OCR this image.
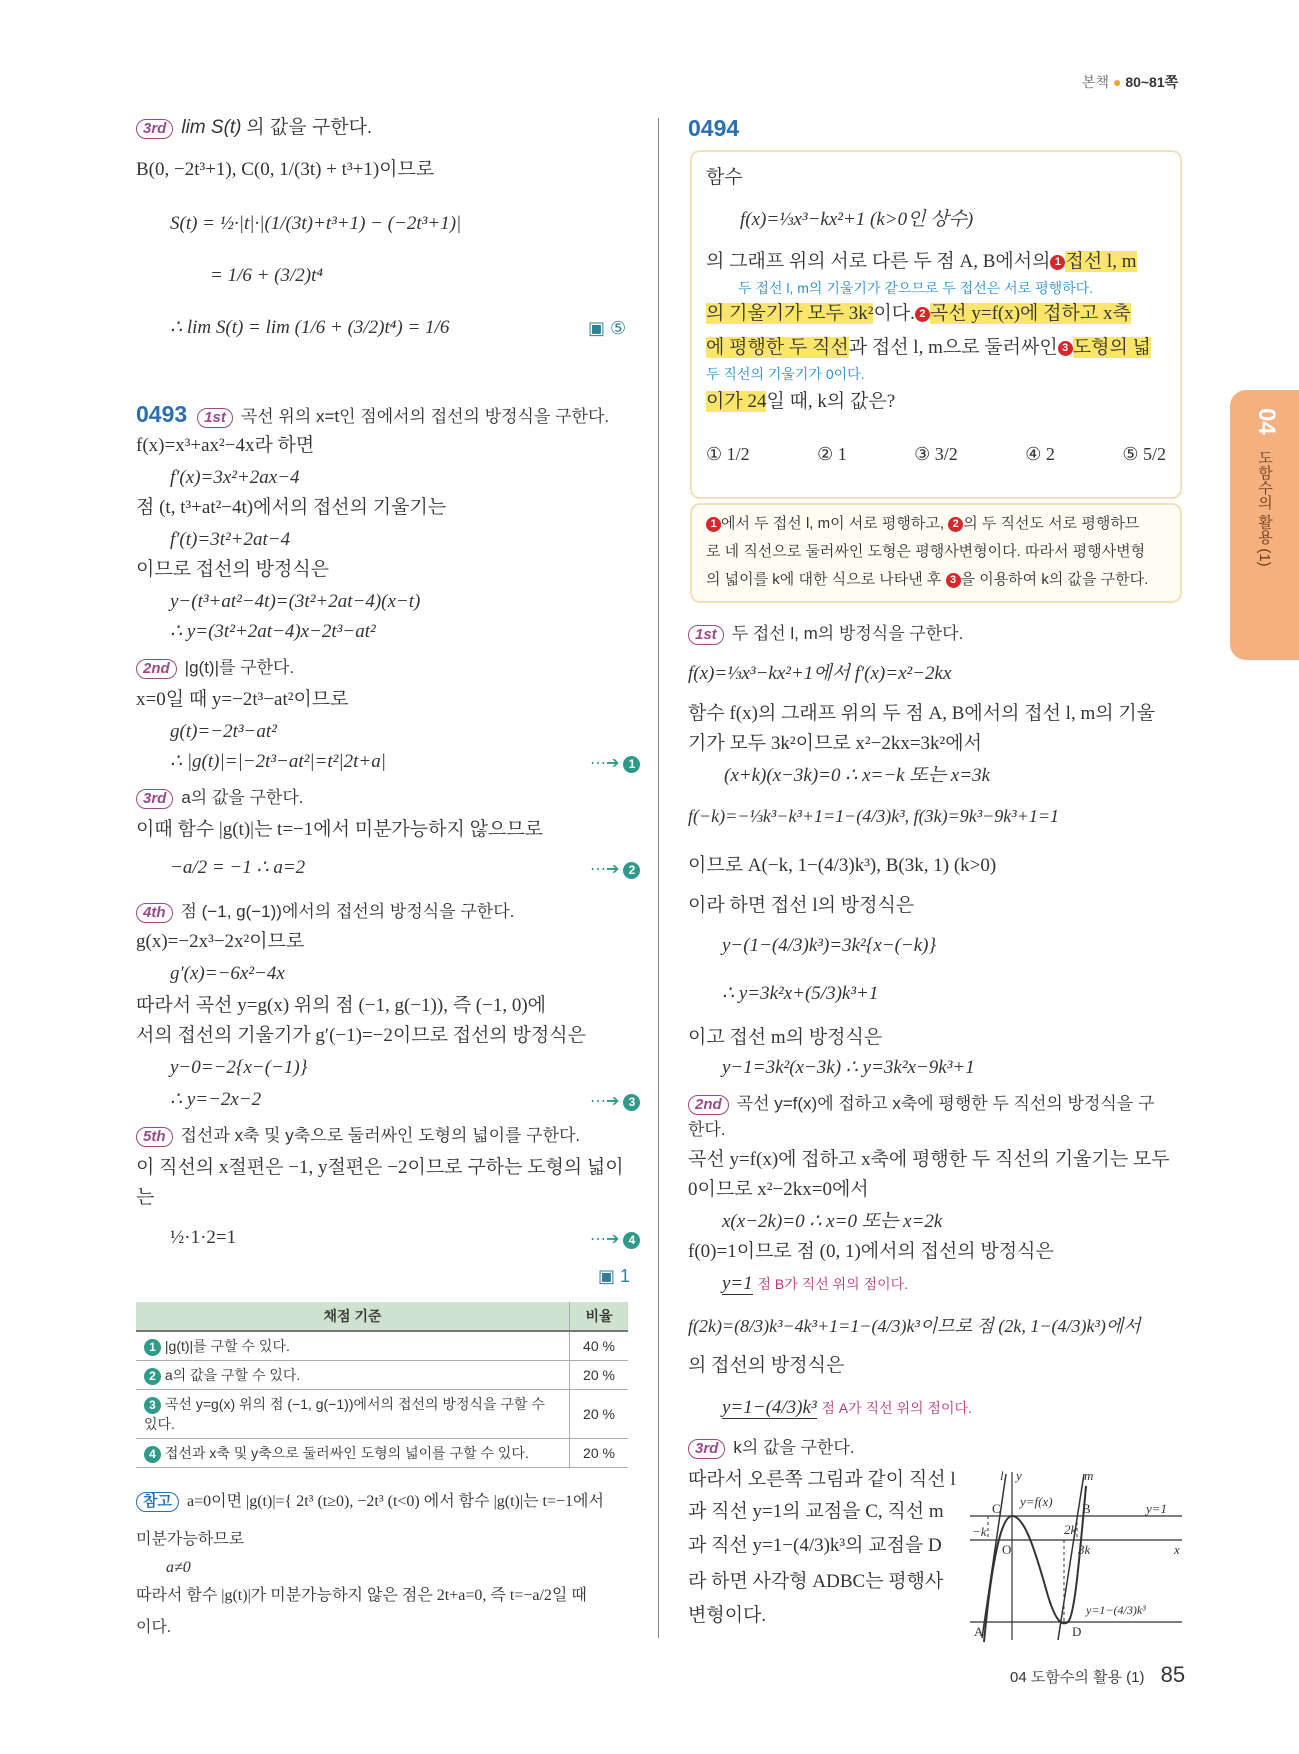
본책 ● 80~81쪽
04
도함수의 활용 (1)
3rd lim S(t) 의 값을 구한다.
B(0, −2t³+1), C(0, 1/(3t) + t³+1)이므로
S(t) = ½·|t|·|(1/(3t)+t³+1) − (−2t³+1)|
= 1/6 + (3/2)t⁴
∴ lim S(t) = lim (1/6 + (3/2)t⁴) = 1/6	▣ ⑤
0493 1st 곡선 위의 x=t인 점에서의 접선의 방정식을 구한다.
f(x)=x³+ax²−4x라 하면
f′(x)=3x²+2ax−4
점 (t, t³+at²−4t)에서의 접선의 기울기는
f′(t)=3t²+2at−4
이므로 접선의 방정식은
y−(t³+at²−4t)=(3t²+2at−4)(x−t)
∴ y=(3t²+2at−4)x−2t³−at²
2nd |g(t)|를 구한다.
x=0일 때 y=−2t³−at²이므로
g(t)=−2t³−at²
∴ |g(t)|=|−2t³−at²|=t²|2t+a|	⋯➔ 1
3rd a의 값을 구한다.
이때 함수 |g(t)|는 t=−1에서 미분가능하지 않으므로
−a/2 = −1 ∴ a=2	⋯➔ 2
4th 점 (−1, g(−1))에서의 접선의 방정식을 구한다.
g(x)=−2x³−2x²이므로
g′(x)=−6x²−4x
따라서 곡선 y=g(x) 위의 점 (−1, g(−1)), 즉 (−1, 0)에
서의 접선의 기울기가 g′(−1)=−2이므로 접선의 방정식은
y−0=−2{x−(−1)}
∴ y=−2x−2	⋯➔ 3
5th 접선과 x축 및 y축으로 둘러싸인 도형의 넓이를 구한다.
이 직선의 x절편은 −1, y절편은 −2이므로 구하는 도형의 넓이
는
½·1·2=1	⋯➔ 4
▣ 1
채점 기준	비율
1 |g(t)|를 구할 수 있다.	40 %
2 a의 값을 구할 수 있다.	20 %
3 곡선 y=g(x) 위의 점 (−1, g(−1))에서의 접선의 방정식을 구할 수 있다.	20 %
4 접선과 x축 및 y축으로 둘러싸인 도형의 넓이를 구할 수 있다.	20 %
참고 a=0이면 |g(t)|={ 2t³ (t≥0), −2t³ (t<0) 에서 함수 |g(t)|는 t=−1에서
미분가능하므로
a≠0
따라서 함수 |g(t)|가 미분가능하지 않은 점은 2t+a=0, 즉 t=−a/2일 때
이다.
0494
함수
f(x)=⅓x³−kx²+1 (k>0인 상수)
의 그래프 위의 서로 다른 두 점 A, B에서의 1 접선 l, m
두 접선 l, m의 기울기가 같으므로 두 접선은 서로 평행하다.
의 기울기가 모두 3k²이다. 2 곡선 y=f(x)에 접하고 x축
에 평행한 두 직선과 접선 l, m으로 둘러싸인 3 도형의 넓
두 직선의 기울기가 0이다.
이가 24일 때, k의 값은?
① 1/2	② 1	③ 3/2	④ 2	⑤ 5/2
1 에서 두 접선 l, m이 서로 평행하고, 2 의 두 직선도 서로 평행하므
로 네 직선으로 둘러싸인 도형은 평행사변형이다. 따라서 평행사변형
의 넓이를 k에 대한 식으로 나타낸 후 3 을 이용하여 k의 값을 구한다.
1st 두 접선 l, m의 방정식을 구한다.
f(x)=⅓x³−kx²+1에서 f′(x)=x²−2kx
함수 f(x)의 그래프 위의 두 점 A, B에서의 접선 l, m의 기울
기가 모두 3k²이므로 x²−2kx=3k²에서
(x+k)(x−3k)=0 ∴ x=−k 또는 x=3k
f(−k)=−⅓k³−k³+1=1−(4/3)k³, f(3k)=9k³−9k³+1=1
이므로 A(−k, 1−(4/3)k³), B(3k, 1) (k>0)
이라 하면 접선 l의 방정식은
y−(1−(4/3)k³)=3k²{x−(−k)}
∴ y=3k²x+(5/3)k³+1
이고 접선 m의 방정식은
y−1=3k²(x−3k) ∴ y=3k²x−9k³+1
2nd 곡선 y=f(x)에 접하고 x축에 평행한 두 직선의 방정식을 구
한다.
곡선 y=f(x)에 접하고 x축에 평행한 두 직선의 기울기는 모두
0이므로 x²−2kx=0에서
x(x−2k)=0 ∴ x=0 또는 x=2k
f(0)=1이므로 점 (0, 1)에서의 접선의 방정식은
y=1 점 B가 직선 위의 점이다.
f(2k)=(8/3)k³−4k³+1=1−(4/3)k³이므로 점 (2k, 1−(4/3)k³)에서
의 접선의 방정식은
y=1−(4/3)k³ 점 A가 직선 위의 점이다.
3rd k의 값을 구한다.
따라서 오른쪽 그림과 같이 직선 l
과 직선 y=1의 교점을 C, 직선 m
과 직선 y=1−(4/3)k³의 교점을 D
라 하면 사각형 ADBC는 평행사
변형이다.
l y	m
y=f(x)
C	B	y=1
−k	2k
O	3k	x
y=1−(4/3)k³
A	D
04 도함수의 활용 (1) 85
